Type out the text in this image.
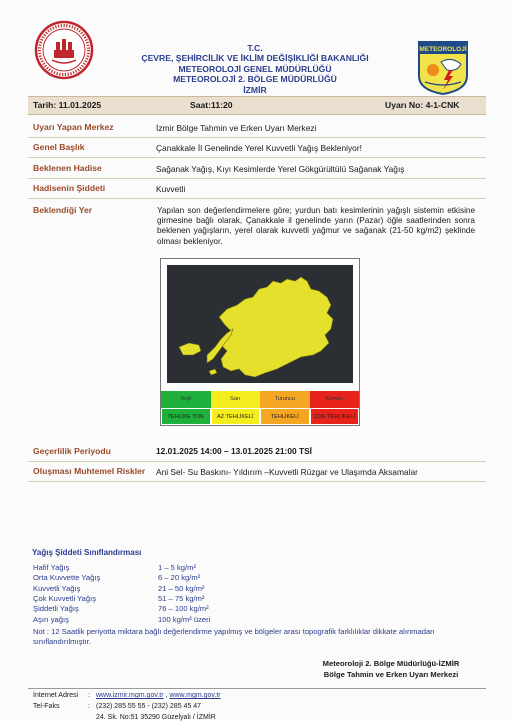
T.C.
ÇEVRE, ŞEHİRCİLİK VE İKLİM DEĞİŞİKLİĞİ BAKANLIĞI
METEOROLOJİ GENEL MÜDÜRLÜĞÜ
METEOROLOJİ 2. BÖLGE MÜDÜRLÜĞÜ
İZMİR
METEOROLOJİ
Tarih: 11.01.2025	Saat:11:20	Uyarı No: 4-1-CNK
Uyarı Yapan Merkez	İzmir Bölge Tahmin ve Erken Uyarı Merkezi
Genel Başlık	Çanakkale İl Genelinde Yerel Kuvvetli Yağış Bekleniyor!
Beklenen Hadise	Sağanak Yağış, Kıyı Kesimlerde Yerel Gökgürültülü Sağanak Yağış
Hadisenin Şiddeti	Kuvvetli
Beklendiği Yer	Yapılan son değerlendirmelere göre; yurdun batı kesimlerinin yağışlı sistemin etkisine girmesine bağlı olarak, Çanakkale il genelinde yarın (Pazar) öğle saatlerinden sonra beklenen yağışların, yerel olarak kuvvetli yağmur ve sağanak (21-50 kg/m2) şeklinde olması bekleniyor.
Yeşil
TEHLİKE YOK
Sarı
AZ TEHLİKELİ
Turuncu
TEHLİKELİ
Kırmızı
ÇOK TEHLİKELİ
Geçerlilik Periyodu	12.01.2025 14:00 – 13.01.2025 21:00 TSİ
Oluşması Muhtemel Riskler Ani Sel- Su Baskını- Yıldırım –Kuvvetli Rüzgar ve Ulaşımda Aksamalar
Yağış Şiddeti Sınıflandırması
Hafif Yağış	1 – 5 kg/m²
Orta Kuvvette Yağış	6 – 20 kg/m²
Kuvvetli Yağış	21 – 50 kg/m²
Çok Kuvvetli Yağış	51 – 75 kg/m²
Şiddetli Yağış	76 – 100 kg/m²
Aşırı yağış	100 kg/m² üzeri
Not : 12 Saatlik periyotta miktara bağlı değerlendirme yapılmış ve bölgeler arası topografik farklılıklar dikkate alınmadan sınıflandırılmıştır.
Meteoroloji 2. Bölge Müdürlüğü-İZMİR
Bölge Tahmin ve Erken Uyarı Merkezi
İnternet Adresi : www.izmir.mgm.gov.tr , www.mgm.gov.tr
Tel-Faks	: (232) 285 55 55 - (232) 285 45 47
24. Sk. No:51 35290 Güzelyalı / İZMİR
